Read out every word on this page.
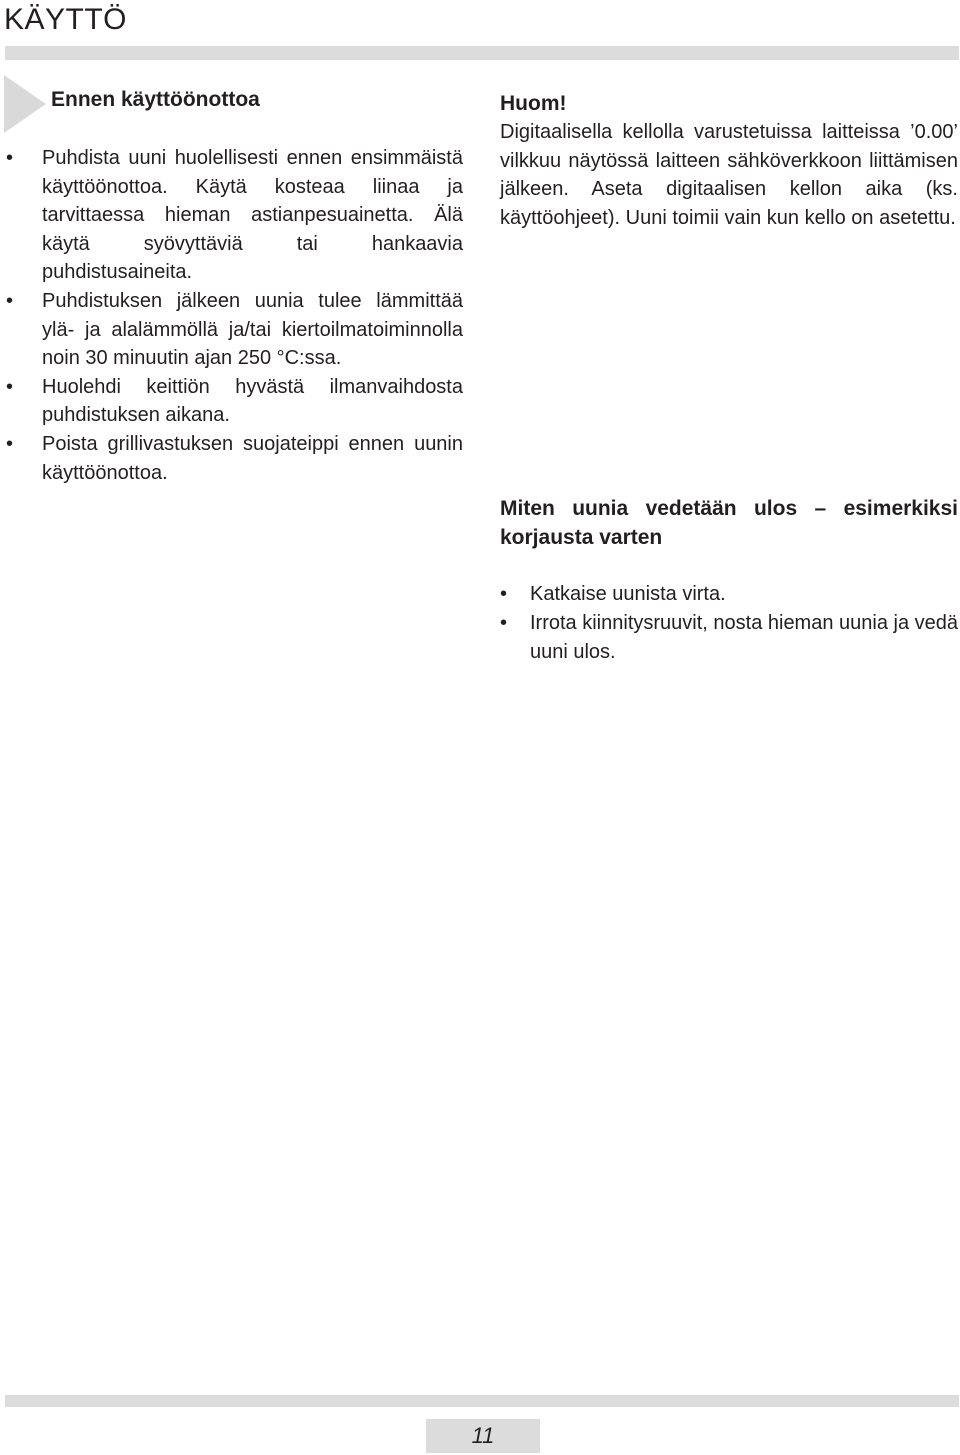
KÄYTTÖ
Ennen käyttöönottoa
• Puhdista uuni huolellisesti ennen ensimmäistä käyttöönottoa. Käytä kosteaa liinaa ja tarvittaessa hieman astianpesuainetta. Älä käytä syövyttäviä tai hankaavia puhdistusaineita.
• Puhdistuksen jälkeen uunia tulee lämmittää ylä- ja alalämmöllä ja/tai kiertoilmatoiminnolla noin 30 minuutin ajan 250 °C:ssa.
• Huolehdi keittiön hyvästä ilmanvaihdosta puhdistuksen aikana.
• Poista grillivastuksen suojateippi ennen uunin käyttöönottoa.

Huom!

Digitaalisella kellolla varustetuissa laitteissa ’0.00’ vilkkuu näytössä laitteen sähköverkkoon liittämisen jälkeen. Aseta digitaalisen kellon aika (ks. käyttöohjeet). Uuni toimii vain kun kello on asetettu.

Miten uunia vedetään ulos – esimerkiksi korjausta varten
• Katkaise uunista virta.
• Irrota kiinnitysruuvit, nosta hieman uunia ja vedä uuni ulos.
11
